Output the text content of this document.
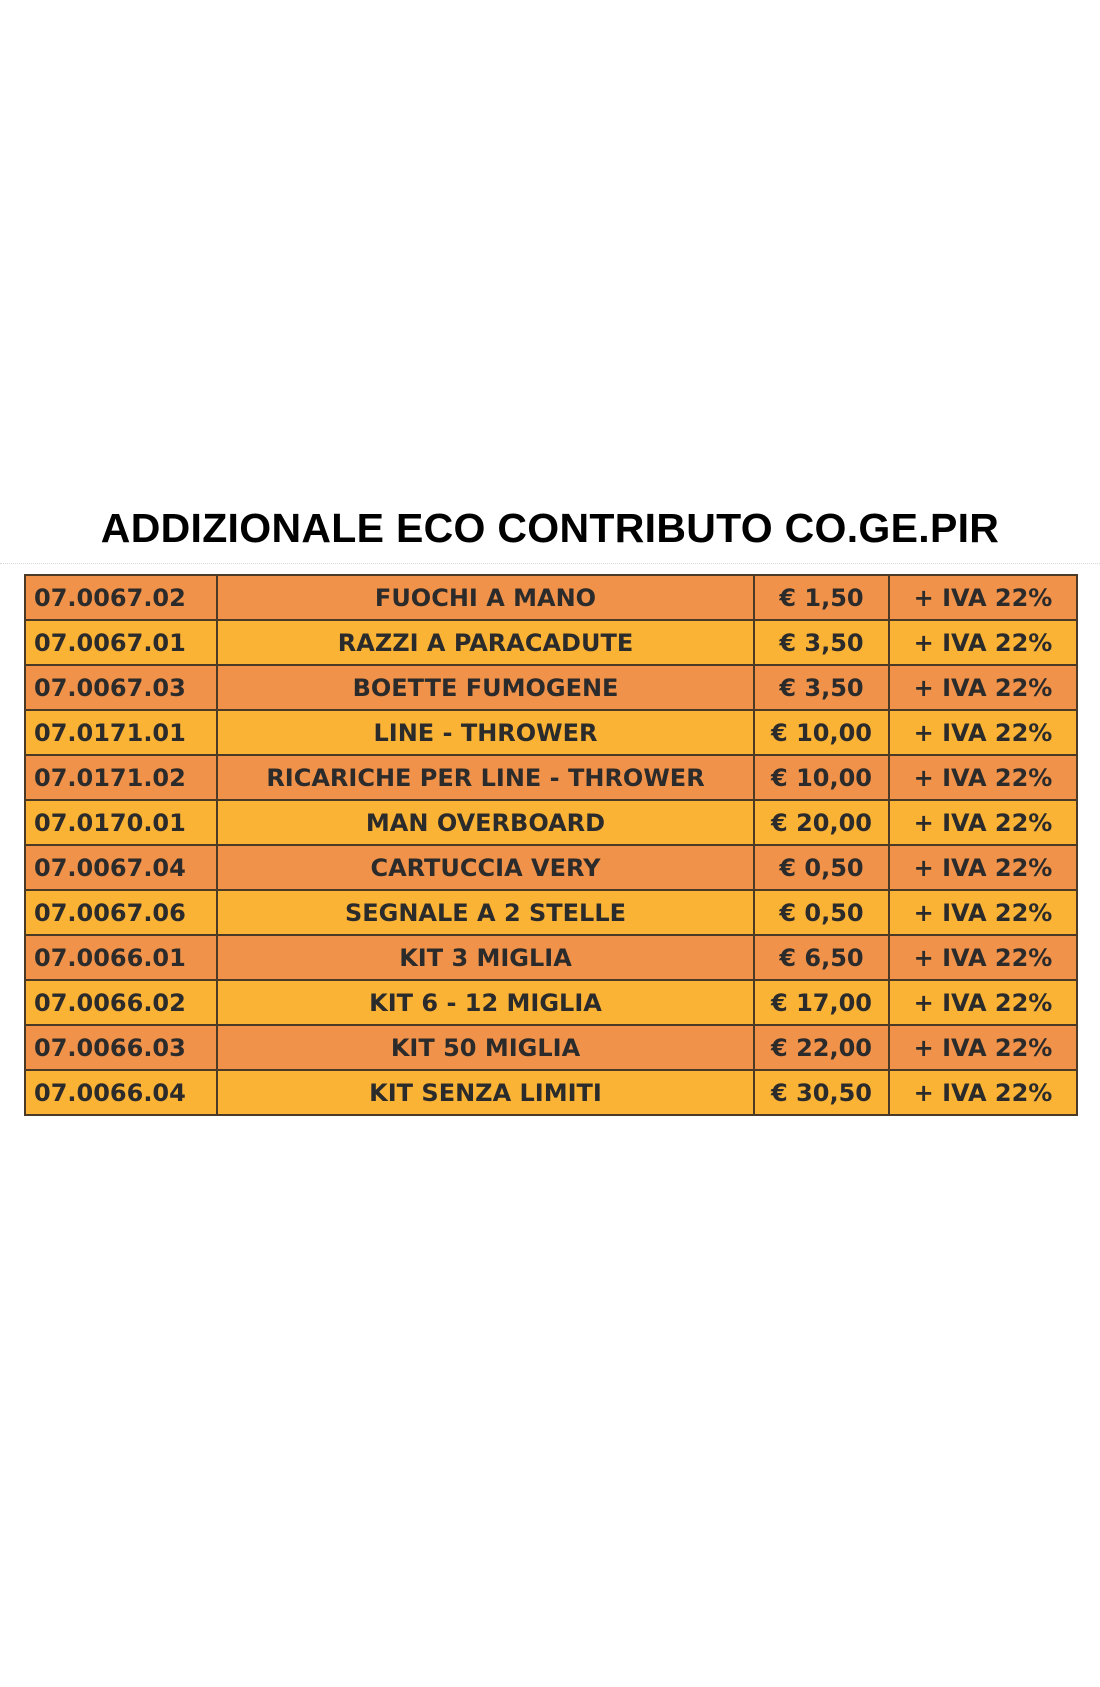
ADDIZIONALE ECO CONTRIBUTO CO.GE.PIR
07.0067.02	FUOCHI A MANO	€ 1,50	+ IVA 22%
07.0067.01	RAZZI A PARACADUTE	€ 3,50	+ IVA 22%
07.0067.03	BOETTE FUMOGENE	€ 3,50	+ IVA 22%
07.0171.01	LINE - THROWER	€ 10,00	+ IVA 22%
07.0171.02	RICARICHE PER LINE - THROWER	€ 10,00	+ IVA 22%
07.0170.01	MAN OVERBOARD	€ 20,00	+ IVA 22%
07.0067.04	CARTUCCIA VERY	€ 0,50	+ IVA 22%
07.0067.06	SEGNALE A 2 STELLE	€ 0,50	+ IVA 22%
07.0066.01	KIT 3 MIGLIA	€ 6,50	+ IVA 22%
07.0066.02	KIT 6 - 12 MIGLIA	€ 17,00	+ IVA 22%
07.0066.03	KIT 50 MIGLIA	€ 22,00	+ IVA 22%
07.0066.04	KIT SENZA LIMITI	€ 30,50	+ IVA 22%
